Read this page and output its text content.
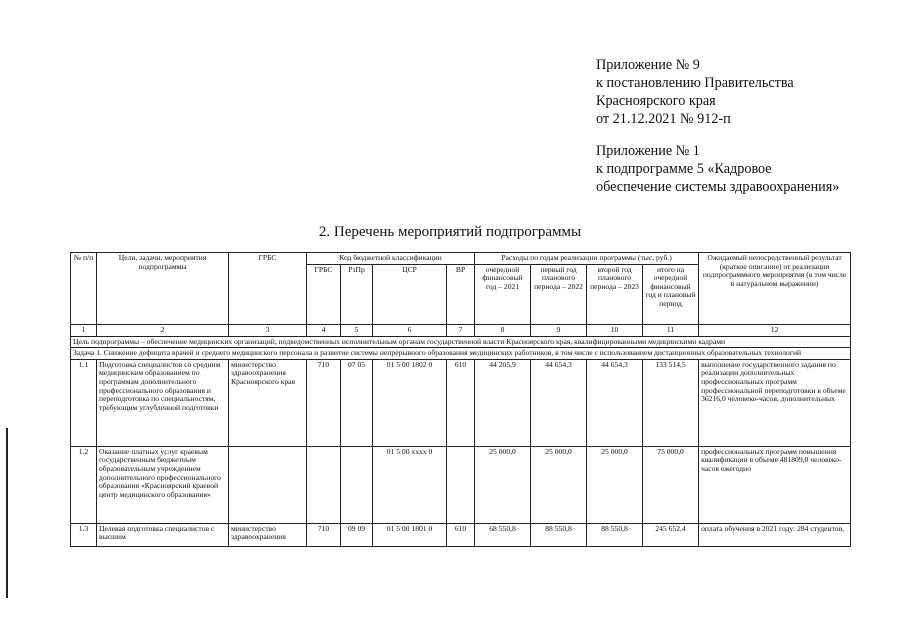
Приложение № 9
к постановлению Правительства
Красноярского края
от 21.12.2021 № 912-п
Приложение № 1
к подпрограмме 5 «Кадровое
обеспечение системы здравоохранения»
2. Перечень мероприятий подпрограммы
№ п/п	Цели, задачи, мероприятия подпрограммы	ГРБС	Код бюджетной классификации				Расходы по годам реализации программы (тыс. руб.)				Ожидаемый непосредственный результат (краткое описание) от реализации подпрограммного мероприятия (в том числе в натуральном выражении)
			ГРБС	РзПр	ЦСР	ВР	очередной финансовый год – 2021	первый год планового периода – 2022	второй год планового периода – 2023	итого на очередной финансовый год и плановый период	
1	2	3	4	5	6	7	8	9	10	11	12
Цель подпрограммы – обеспечение медицинских организаций, подведомственных исполнительным органам государственной власти Красноярского края, квалифицированными медицинскими кадрами											
Задача 1. Снижение дефицита врачей и среднего медицинского персонала и развитие системы непрерывного образования медицинских работников, в том числе с использованием дистанционных образовательных технологий											
1.1	Подготовка специалистов со средним медицинским образованием по программам дополнительного профессионального образования и переподготовка по специальностям, требующим углубленной подготовки	министерство здравоохранения Красноярского края	710	07 05	01 5 00 1802 0	610	44 205,9	44 654,3	44 654,3	133 514,5	выполнение государственного задания по реализации дополнительных профессиональных программ профессиональной переподготовки в объеме 36216,0 человеко-часов, дополнительных
1.2	Оказание платных услуг краевым государственным бюджетным образовательным учреждением дополнительного профессионального образования «Красноярский краевой центр медицинского образования»				01 5 00 xxxx 0		25 000,0	25 000,0	25 000,0	75 000,0	профессиональных программ повышения квалификации в объеме 481809,0 человеко-часов ежегодно
1.3	Целевая подготовка специалистов с высшим	министерство здравоохранения	710	09 09	01 5 00 1801 0	610	68 550,8	88 550,8	88 550,8	245 652,4	оплата обучения в 2021 году: 284 студентов,
